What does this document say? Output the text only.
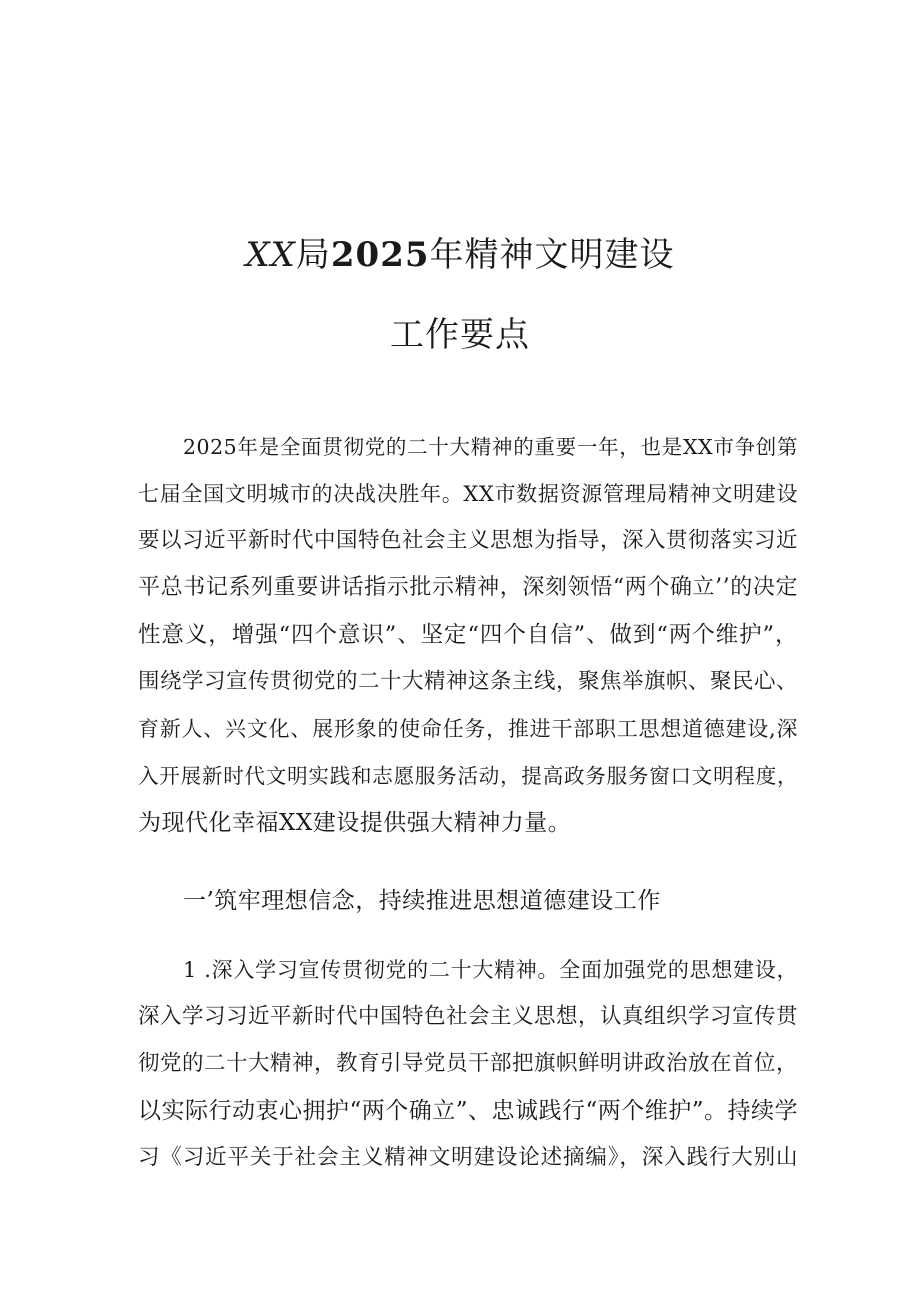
XX局2025年精神文明建设
工作要点
2025年是全面贯彻党的二十大精神的重要一年，也是XX市争创第
七届全国文明城市的决战决胜年。XX市数据资源管理局精神文明建设
要以习近平新时代中国特色社会主义思想为指导，深入贯彻落实习近
平总书记系列重要讲话指示批示精神，深刻领悟“两个确立’’的决定
性意义，增强“四个意识”、坚定“四个自信”、做到“两个维护”，
围绕学习宣传贯彻党的二十大精神这条主线，聚焦举旗帜、聚民心、
育新人、兴文化、展形象的使命任务，推进干部职工思想道德建设,深
入开展新时代文明实践和志愿服务活动，提高政务服务窗口文明程度，
为现代化幸福XX建设提供强大精神力量。
一’筑牢理想信念，持续推进思想道德建设工作
1 .深入学习宣传贯彻党的二十大精神。全面加强党的思想建设，
深入学习习近平新时代中国特色社会主义思想，认真组织学习宣传贯
彻党的二十大精神，教育引导党员干部把旗帜鲜明讲政治放在首位，
以实际行动衷心拥护“两个确立”、忠诚践行“两个维护”。持续学
习《习近平关于社会主义精神文明建设论述摘编》，深入践行大别山
